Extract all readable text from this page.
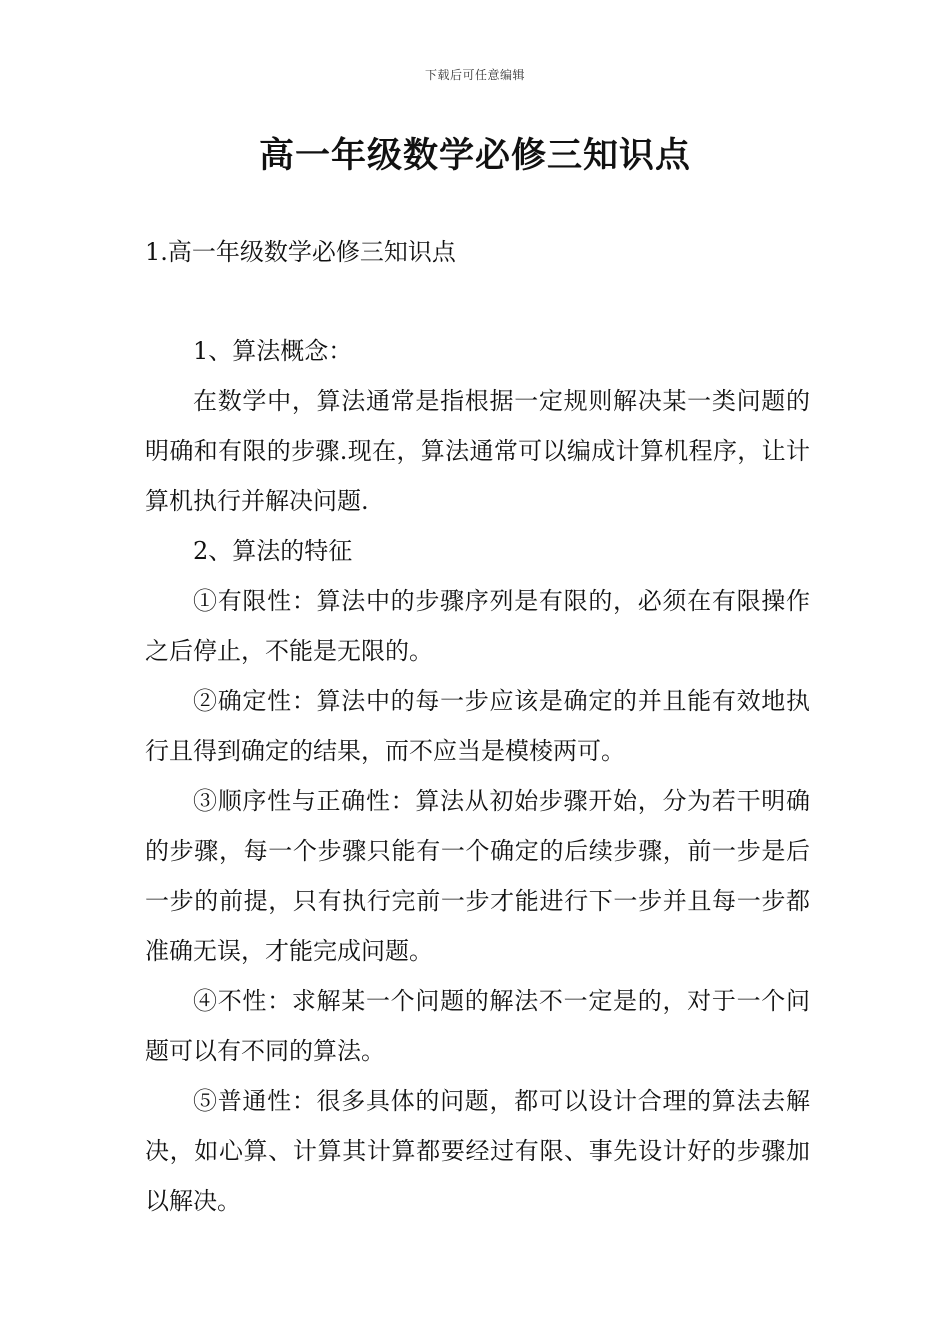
下载后可任意编辑
高一年级数学必修三知识点
1.高一年级数学必修三知识点

1、算法概念：

在数学中，算法通常是指根据一定规则解决某一类问题的明确和有限的步骤.现在，算法通常可以编成计算机程序，让计算机执行并解决问题.

2、算法的特征

①有限性：算法中的步骤序列是有限的，必须在有限操作之后停止，不能是无限的。

②确定性：算法中的每一步应该是确定的并且能有效地执行且得到确定的结果，而不应当是模棱两可。

③顺序性与正确性：算法从初始步骤开始，分为若干明确的步骤，每一个步骤只能有一个确定的后续步骤，前一步是后一步的前提，只有执行完前一步才能进行下一步并且每一步都准确无误，才能完成问题。

④不性：求解某一个问题的解法不一定是的，对于一个问题可以有不同的算法。

⑤普通性：很多具体的问题，都可以设计合理的算法去解决，如心算、计算其计算都要经过有限、事先设计好的步骤加以解决。
